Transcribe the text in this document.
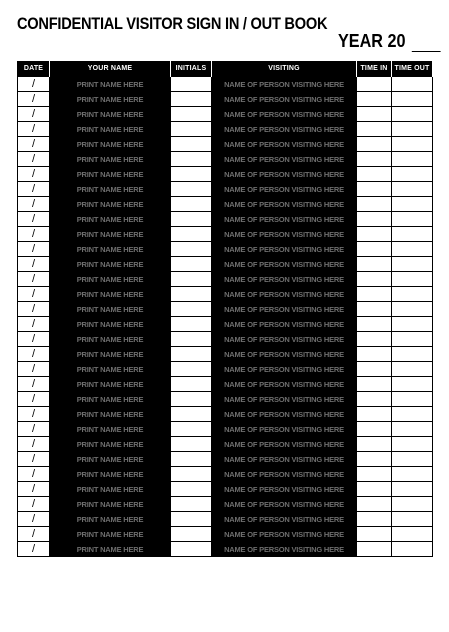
CONFIDENTIAL VISITOR SIGN IN / OUT BOOK
YEAR 20
DATE	YOUR NAME	INITIALS	VISITING	TIME IN	TIME OUT
/	PRINT NAME HERE		NAME OF PERSON VISITING HERE		
/	PRINT NAME HERE		NAME OF PERSON VISITING HERE		
/	PRINT NAME HERE		NAME OF PERSON VISITING HERE		
/	PRINT NAME HERE		NAME OF PERSON VISITING HERE		
/	PRINT NAME HERE		NAME OF PERSON VISITING HERE		
/	PRINT NAME HERE		NAME OF PERSON VISITING HERE		
/	PRINT NAME HERE		NAME OF PERSON VISITING HERE		
/	PRINT NAME HERE		NAME OF PERSON VISITING HERE		
/	PRINT NAME HERE		NAME OF PERSON VISITING HERE		
/	PRINT NAME HERE		NAME OF PERSON VISITING HERE		
/	PRINT NAME HERE		NAME OF PERSON VISITING HERE		
/	PRINT NAME HERE		NAME OF PERSON VISITING HERE		
/	PRINT NAME HERE		NAME OF PERSON VISITING HERE		
/	PRINT NAME HERE		NAME OF PERSON VISITING HERE		
/	PRINT NAME HERE		NAME OF PERSON VISITING HERE		
/	PRINT NAME HERE		NAME OF PERSON VISITING HERE		
/	PRINT NAME HERE		NAME OF PERSON VISITING HERE		
/	PRINT NAME HERE		NAME OF PERSON VISITING HERE		
/	PRINT NAME HERE		NAME OF PERSON VISITING HERE		
/	PRINT NAME HERE		NAME OF PERSON VISITING HERE		
/	PRINT NAME HERE		NAME OF PERSON VISITING HERE		
/	PRINT NAME HERE		NAME OF PERSON VISITING HERE		
/	PRINT NAME HERE		NAME OF PERSON VISITING HERE		
/	PRINT NAME HERE		NAME OF PERSON VISITING HERE		
/	PRINT NAME HERE		NAME OF PERSON VISITING HERE		
/	PRINT NAME HERE		NAME OF PERSON VISITING HERE		
/	PRINT NAME HERE		NAME OF PERSON VISITING HERE		
/	PRINT NAME HERE		NAME OF PERSON VISITING HERE		
/	PRINT NAME HERE		NAME OF PERSON VISITING HERE		
/	PRINT NAME HERE		NAME OF PERSON VISITING HERE		
/	PRINT NAME HERE		NAME OF PERSON VISITING HERE		
/	PRINT NAME HERE		NAME OF PERSON VISITING HERE		
